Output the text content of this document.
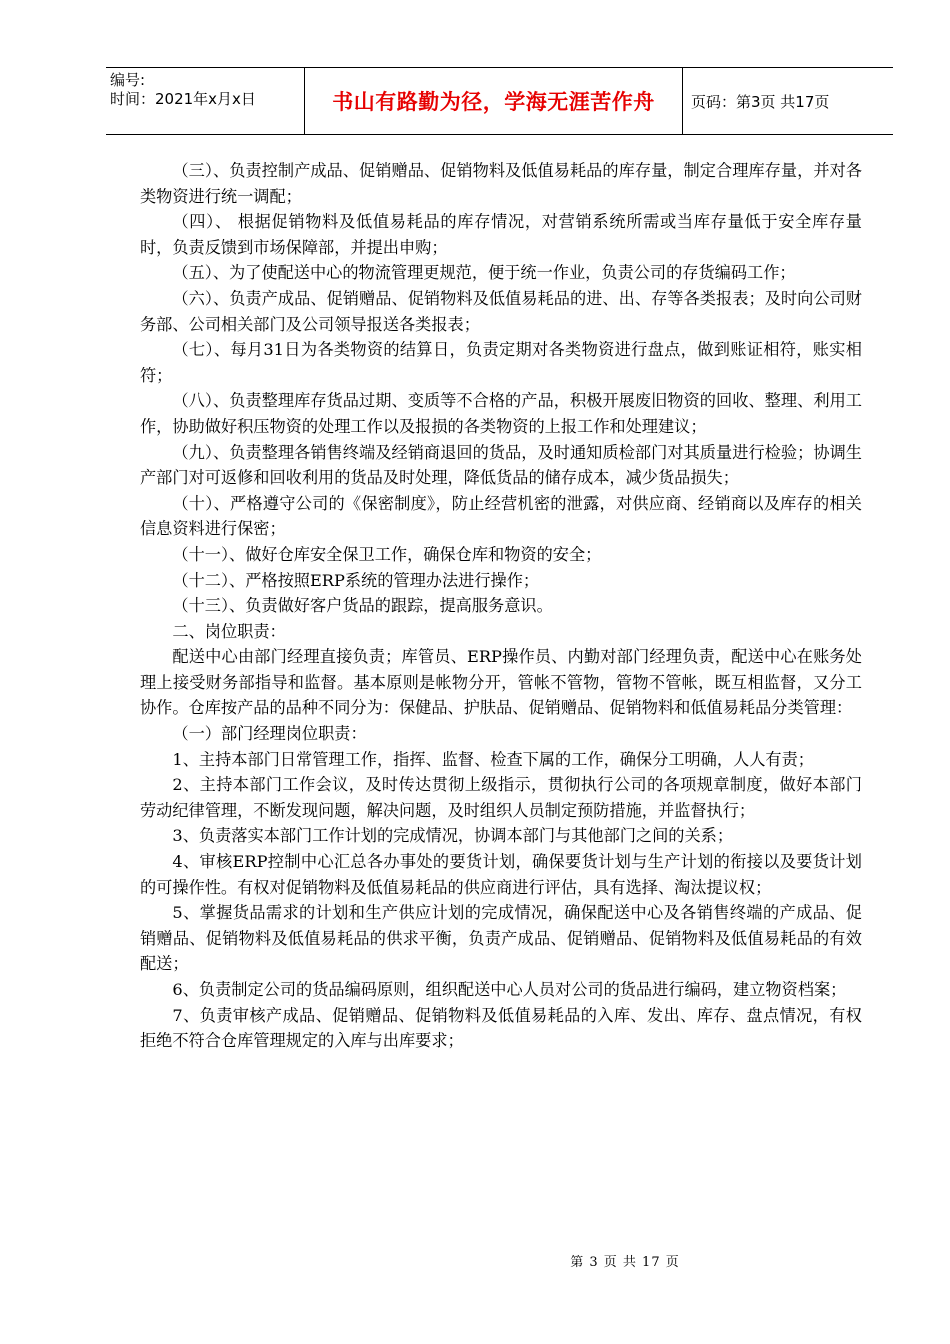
编号:
时间：2021年x月x日	书山有路勤为径，学海无涯苦作舟	页码：第3页 共17页

（三）、负责控制产成品、促销赠品、促销物料及低值易耗品的库存量，制定合理库存量，并对各类物资进行统一调配；

（四）、 根据促销物料及低值易耗品的库存情况，对营销系统所需或当库存量低于安全库存量时，负责反馈到市场保障部，并提出申购；

（五）、为了使配送中心的物流管理更规范，便于统一作业，负责公司的存货编码工作；

（六）、负责产成品、促销赠品、促销物料及低值易耗品的进、出、存等各类报表；及时向公司财务部、公司相关部门及公司领导报送各类报表；

（七）、每月31日为各类物资的结算日，负责定期对各类物资进行盘点，做到账证相符，账实相符；

（八）、负责整理库存货品过期、变质等不合格的产品，积极开展废旧物资的回收、整理、利用工作，协助做好积压物资的处理工作以及报损的各类物资的上报工作和处理建议；

（九）、负责整理各销售终端及经销商退回的货品，及时通知质检部门对其质量进行检验；协调生产部门对可返修和回收利用的货品及时处理，降低货品的储存成本，减少货品损失；

（十）、严格遵守公司的《保密制度》，防止经营机密的泄露，对供应商、经销商以及库存的相关信息资料进行保密；

（十一）、做好仓库安全保卫工作，确保仓库和物资的安全；

（十二）、严格按照ERP系统的管理办法进行操作；

（十三）、负责做好客户货品的跟踪，提高服务意识。

二、岗位职责：

配送中心由部门经理直接负责；库管员、ERP操作员、内勤对部门经理负责，配送中心在账务处理上接受财务部指导和监督。基本原则是帐物分开，管帐不管物，管物不管帐，既互相监督，又分工协作。仓库按产品的品种不同分为：保健品、护肤品、促销赠品、促销物料和低值易耗品分类管理：

（一）部门经理岗位职责：

1、主持本部门日常管理工作，指挥、监督、检查下属的工作，确保分工明确，人人有责；

2、主持本部门工作会议，及时传达贯彻上级指示，贯彻执行公司的各项规章制度，做好本部门劳动纪律管理，不断发现问题，解决问题，及时组织人员制定预防措施，并监督执行；

3、负责落实本部门工作计划的完成情况，协调本部门与其他部门之间的关系；

4、审核ERP控制中心汇总各办事处的要货计划，确保要货计划与生产计划的衔接以及要货计划的可操作性。有权对促销物料及低值易耗品的供应商进行评估，具有选择、淘汰提议权；

5、掌握货品需求的计划和生产供应计划的完成情况，确保配送中心及各销售终端的产成品、促销赠品、促销物料及低值易耗品的供求平衡，负责产成品、促销赠品、促销物料及低值易耗品的有效配送；

6、负责制定公司的货品编码原则，组织配送中心人员对公司的货品进行编码，建立物资档案；

7、负责审核产成品、促销赠品、促销物料及低值易耗品的入库、发出、库存、盘点情况，有权拒绝不符合仓库管理规定的入库与出库要求；

第 3 页 共 17 页
